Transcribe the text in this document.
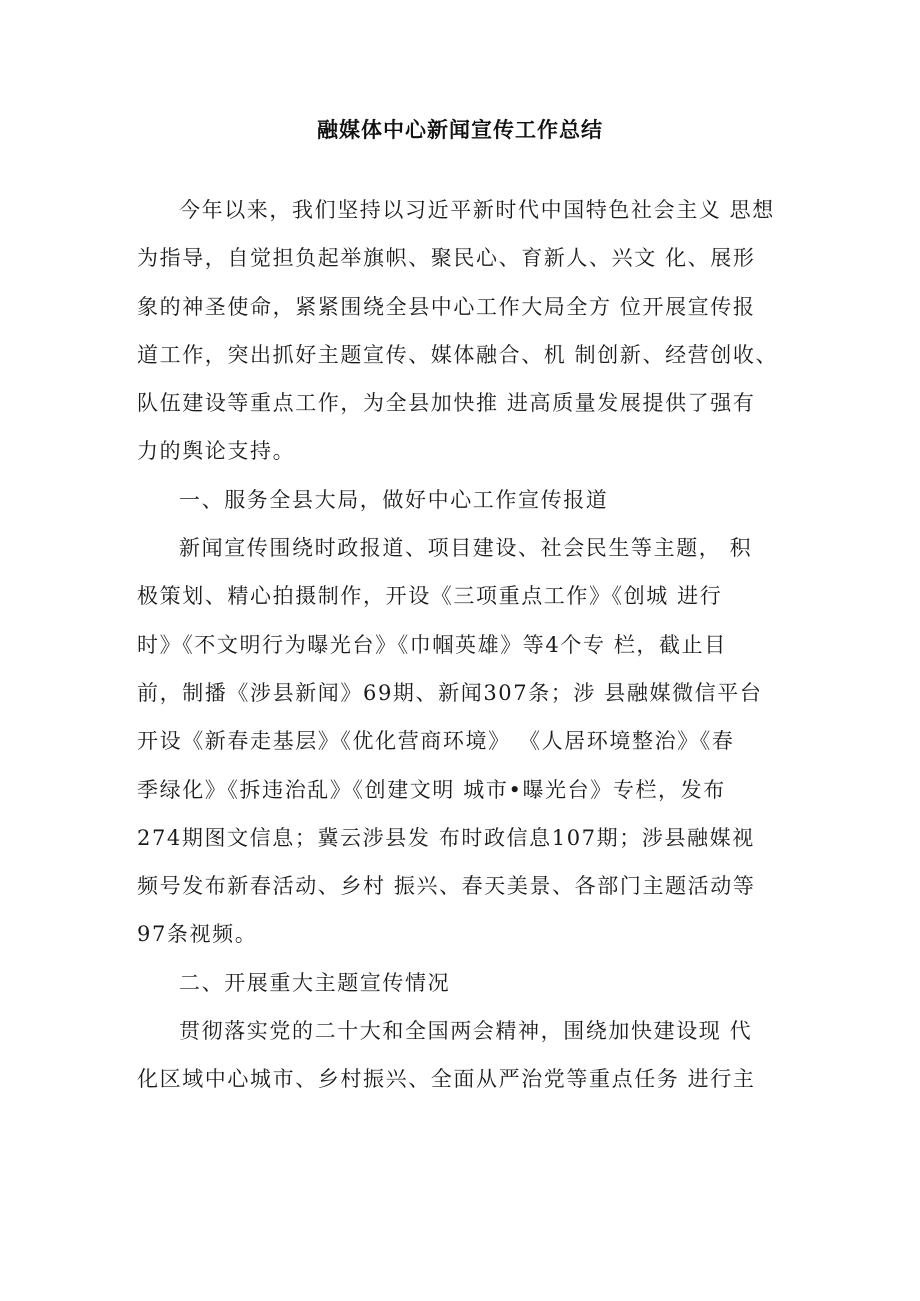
融媒体中心新闻宣传工作总结
今年以来，我们坚持以习近平新时代中国特色社会主义 思想
为指导，自觉担负起举旗帜、聚民心、育新人、兴文 化、展形
象的神圣使命，紧紧围绕全县中心工作大局全方 位开展宣传报
道工作，突出抓好主题宣传、媒体融合、机 制创新、经营创收、
队伍建设等重点工作，为全县加快推 进高质量发展提供了强有
力的舆论支持。
一、服务全县大局，做好中心工作宣传报道
新闻宣传围绕时政报道、项目建设、社会民生等主题， 积
极策划、精心拍摄制作，开设《三项重点工作》《创城 进行
时》《不文明行为曝光台》《巾帼英雄》等4个专 栏，截止目
前，制播《涉县新闻》69期、新闻307条；涉 县融媒微信平台
开设《新春走基层》《优化营商环境》 《人居环境整治》《春
季绿化》《拆违治乱》《创建文明 城市•曝光台》专栏，发布
274期图文信息；冀云涉县发 布时政信息107期；涉县融媒视
频号发布新春活动、乡村 振兴、春天美景、各部门主题活动等
97条视频。
二、开展重大主题宣传情况
贯彻落实党的二十大和全国两会精神，围绕加快建设现 代
化区域中心城市、乡村振兴、全面从严治党等重点任务 进行主
